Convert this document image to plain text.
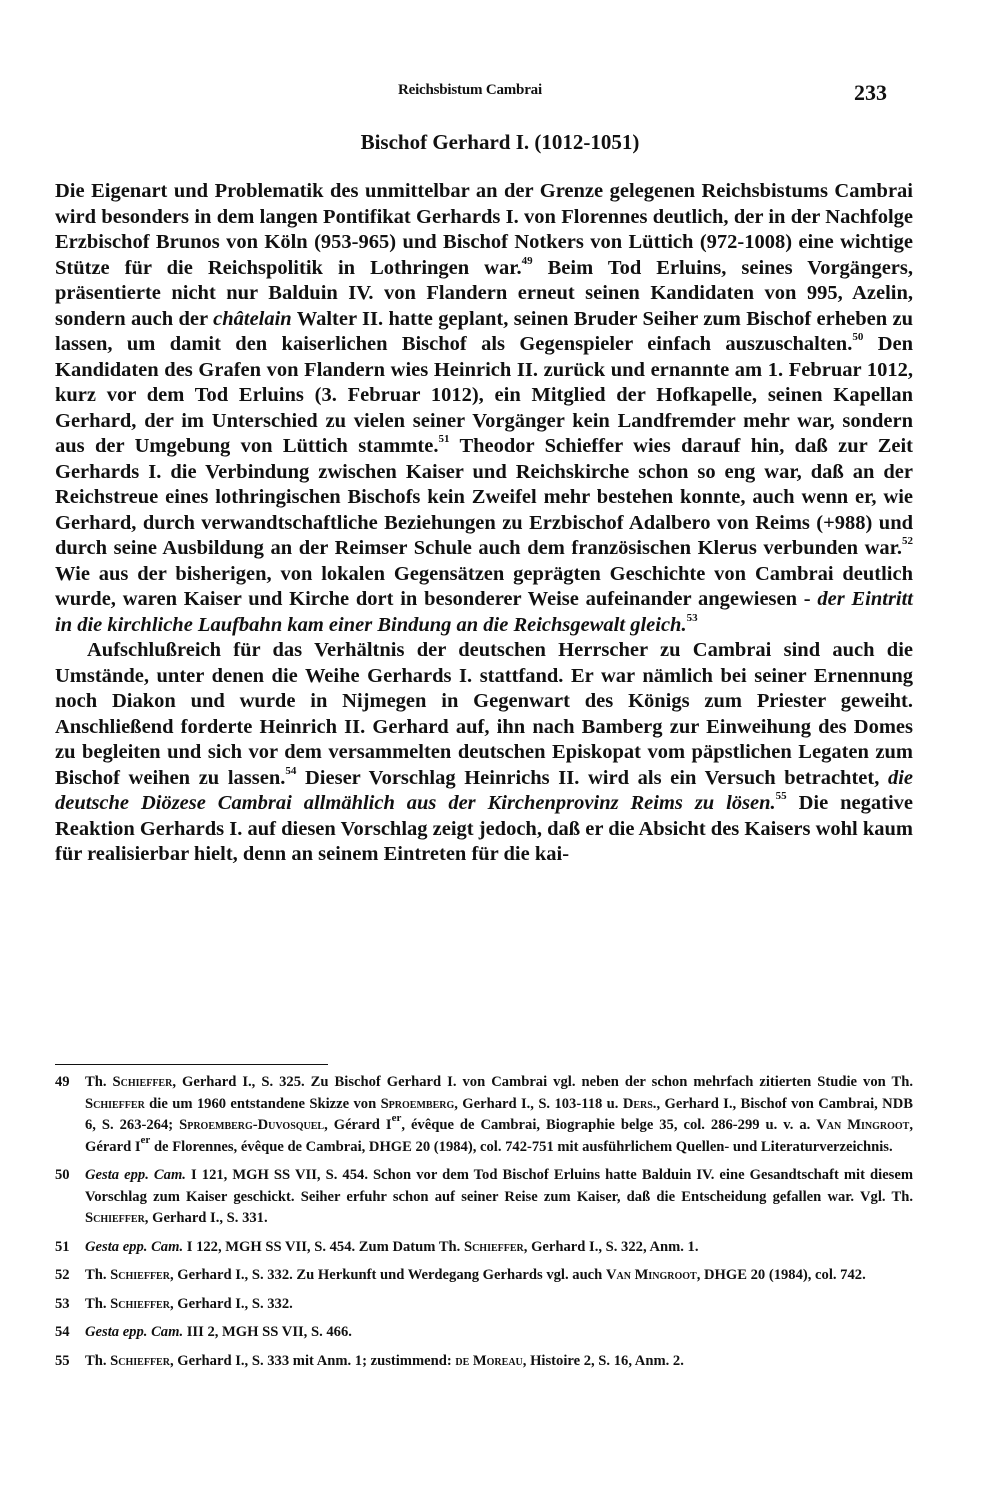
Reichsbistum Cambrai	233
Bischof Gerhard I. (1012-1051)

Die Eigenart und Problematik des unmittelbar an der Grenze gelegenen Reichsbistums Cambrai wird besonders in dem langen Pontifikat Gerhards I. von Florennes deutlich, der in der Nachfolge Erzbischof Brunos von Köln (953-965) und Bischof Notkers von Lüttich (972-1008) eine wichtige Stütze für die Reichspolitik in Lothringen war.$^{49}$ Beim Tod Erluins, seines Vorgängers, präsentierte nicht nur Balduin IV. von Flandern erneut seinen Kandidaten von 995, Azelin, sondern auch der châtelain Walter II. hatte geplant, seinen Bruder Seiher zum Bischof erheben zu lassen, um damit den kaiserlichen Bischof als Gegenspieler einfach auszuschalten.$^{50}$ Den Kandidaten des Grafen von Flandern wies Heinrich II. zurück und ernannte am 1. Februar 1012, kurz vor dem Tod Erluins (3. Februar 1012), ein Mitglied der Hofkapelle, seinen Kapellan Gerhard, der im Unterschied zu vielen seiner Vorgänger kein Landfremder mehr war, sondern aus der Umgebung von Lüttich stammte.$^{51}$ Theodor Schieffer wies darauf hin, daß zur Zeit Gerhards I. die Verbindung zwischen Kaiser und Reichskirche schon so eng war, daß an der Reichstreue eines lothringischen Bischofs kein Zweifel mehr bestehen konnte, auch wenn er, wie Gerhard, durch verwandtschaftliche Beziehungen zu Erzbischof Adalbero von Reims (+988) und durch seine Ausbildung an der Reimser Schule auch dem französischen Klerus verbunden war.$^{52}$ Wie aus der bisherigen, von lokalen Gegensätzen geprägten Geschichte von Cambrai deutlich wurde, waren Kaiser und Kirche dort in besonderer Weise aufeinander angewiesen - der Eintritt in die kirchliche Laufbahn kam einer Bindung an die Reichsgewalt gleich.$^{53}$

Aufschlußreich für das Verhältnis der deutschen Herrscher zu Cambrai sind auch die Umstände, unter denen die Weihe Gerhards I. stattfand. Er war nämlich bei seiner Ernennung noch Diakon und wurde in Nijmegen in Gegenwart des Königs zum Priester geweiht. Anschließend forderte Heinrich II. Gerhard auf, ihn nach Bamberg zur Einweihung des Domes zu begleiten und sich vor dem versammelten deutschen Episkopat vom päpstlichen Legaten zum Bischof weihen zu lassen.$^{54}$ Dieser Vorschlag Heinrichs II. wird als ein Versuch betrachtet, die deutsche Diözese Cambrai allmählich aus der Kirchenprovinz Reims zu lösen.$^{55}$ Die negative Reaktion Gerhards I. auf diesen Vorschlag zeigt jedoch, daß er die Absicht des Kaisers wohl kaum für realisierbar hielt, denn an seinem Eintreten für die kai-

49 Th. Schieffer, Gerhard I., S. 325. Zu Bischof Gerhard I. von Cambrai vgl. neben der schon mehrfach zitierten Studie von Th. Schieffer die um 1960 entstandene Skizze von Sproemberg, Gerhard I., S. 103-118 u. Ders., Gerhard I., Bischof von Cambrai, NDB 6, S. 263-264; Sproemberg-Duvosquel, Gérard Ier, évêque de Cambrai, Biographie belge 35, col. 286-299 u. v. a. Van Mingroot, Gérard Ier de Florennes, évêque de Cambrai, DHGE 20 (1984), col. 742-751 mit ausführlichem Quellen- und Literaturverzeichnis.

50 Gesta epp. Cam. I 121, MGH SS VII, S. 454. Schon vor dem Tod Bischof Erluins hatte Balduin IV. eine Gesandtschaft mit diesem Vorschlag zum Kaiser geschickt. Seiher erfuhr schon auf seiner Reise zum Kaiser, daß die Entscheidung gefallen war. Vgl. Th. Schieffer, Gerhard I., S. 331.

51 Gesta epp. Cam. I 122, MGH SS VII, S. 454. Zum Datum Th. Schieffer, Gerhard I., S. 322, Anm. 1.

52 Th. Schieffer, Gerhard I., S. 332. Zu Herkunft und Werdegang Gerhards vgl. auch Van Mingroot, DHGE 20 (1984), col. 742.

53 Th. Schieffer, Gerhard I., S. 332.

54 Gesta epp. Cam. III 2, MGH SS VII, S. 466.

55 Th. Schieffer, Gerhard I., S. 333 mit Anm. 1; zustimmend: de Moreau, Histoire 2, S. 16, Anm. 2.
